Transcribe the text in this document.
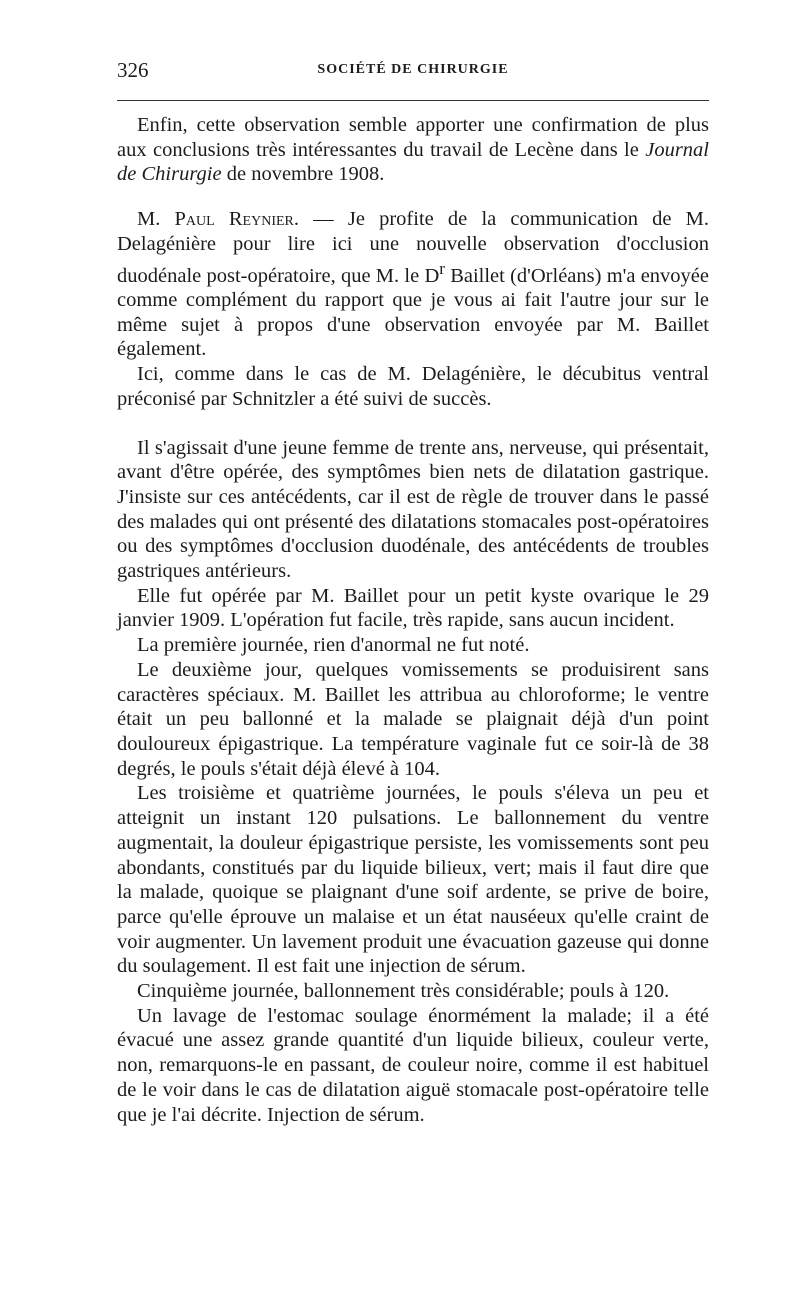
326	SOCIÉTÉ DE CHIRURGIE

Enfin, cette observation semble apporter une confirmation de plus aux conclusions très intéressantes du travail de Lecène dans le Journal de Chirurgie de novembre 1908.

M. Paul Reynier. — Je profite de la communication de M. Delagénière pour lire ici une nouvelle observation d'occlusion duodénale post-opératoire, que M. le $D^r$ Baillet (d'Orléans) m'a envoyée comme complément du rapport que je vous ai fait l'autre jour sur le même sujet à propos d'une observation envoyée par M. Baillet également.

Ici, comme dans le cas de M. Delagénière, le décubitus ventral préconisé par Schnitzler a été suivi de succès.

Il s'agissait d'une jeune femme de trente ans, nerveuse, qui présentait, avant d'être opérée, des symptômes bien nets de dilatation gastrique. J'insiste sur ces antécédents, car il est de règle de trouver dans le passé des malades qui ont présenté des dilatations stomacales post-opératoires ou des symptômes d'occlusion duodénale, des antécédents de troubles gastriques antérieurs.

Elle fut opérée par M. Baillet pour un petit kyste ovarique le 29 janvier 1909. L'opération fut facile, très rapide, sans aucun incident.

La première journée, rien d'anormal ne fut noté.

Le deuxième jour, quelques vomissements se produisirent sans caractères spéciaux. M. Baillet les attribua au chloroforme; le ventre était un peu ballonné et la malade se plaignait déjà d'un point douloureux épigastrique. La température vaginale fut ce soir-là de 38 degrés, le pouls s'était déjà élevé à 104.

Les troisième et quatrième journées, le pouls s'éleva un peu et atteignit un instant 120 pulsations. Le ballonnement du ventre augmentait, la douleur épigastrique persiste, les vomissements sont peu abondants, constitués par du liquide bilieux, vert; mais il faut dire que la malade, quoique se plaignant d'une soif ardente, se prive de boire, parce qu'elle éprouve un malaise et un état nauséeux qu'elle craint de voir augmenter. Un lavement produit une évacuation gazeuse qui donne du soulagement. Il est fait une injection de sérum.

Cinquième journée, ballonnement très considérable; pouls à 120.

Un lavage de l'estomac soulage énormément la malade; il a été évacué une assez grande quantité d'un liquide bilieux, couleur verte, non, remarquons-le en passant, de couleur noire, comme il est habituel de le voir dans le cas de dilatation aiguë stomacale post-opératoire telle que je l'ai décrite. Injection de sérum.
